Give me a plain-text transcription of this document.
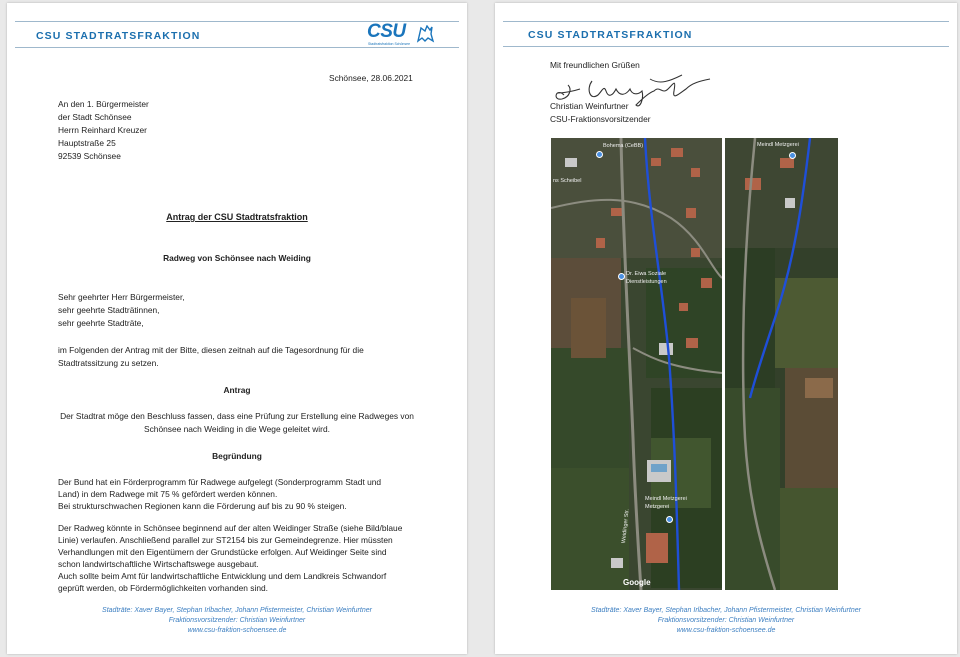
CSU STADTRATSFRAKTION	CSU
Stadtratsfraktion Schönsee
Schönsee, 28.06.2021
An den 1. Bürgermeister
der Stadt Schönsee
Herrn Reinhard Kreuzer
Hauptstraße 25
92539 Schönsee
Antrag der CSU Stadtratsfraktion
Radweg von Schönsee nach Weiding
Sehr geehrter Herr Bürgermeister,
sehr geehrte Stadträtinnen,
sehr geehrte Stadträte,
im Folgenden der Antrag mit der Bitte, diesen zeitnah auf die Tagesordnung für die
Stadtratssitzung zu setzen.
Antrag
Der Stadtrat möge den Beschluss fassen, dass eine Prüfung zur Erstellung eine Radweges von
Schönsee nach Weiding in die Wege geleitet wird.
Begründung
Der Bund hat ein Förderprogramm für Radwege aufgelegt (Sonderprogramm Stadt und
Land) in dem Radwege mit 75 % gefördert werden können.
Bei strukturschwachen Regionen kann die Förderung auf bis zu 90 % steigen.
Der Radweg könnte in Schönsee beginnend auf der alten Weidinger Straße (siehe Bild/blaue
Linie) verlaufen. Anschließend parallel zur ST2154 bis zur Gemeindegrenze. Hier müssten
Verhandlungen mit den Eigentümern der Grundstücke erfolgen. Auf Weidinger Seite sind
schon landwirtschaftliche Wirtschaftswege ausgebaut.
Auch sollte beim Amt für landwirtschaftliche Entwicklung und dem Landkreis Schwandorf
geprüft werden, ob Fördermöglichkeiten vorhanden sind.
Stadträte: Xaver Bayer, Stephan Irlbacher, Johann Pfistermeister, Christian Weinfurtner
Fraktionsvorsitzender: Christian Weinfurtner
www.csu-fraktion-schoensee.de
CSU STADTRATSFRAKTION
Mit freundlichen Grüßen
Christian Weinfurtner
CSU-Fraktionsvorsitzender
Bohema (CeBB)
ns Scheibel
Dr. Eiwa Soziale
Dienstleistungen
Meindl Metzgerei
Metzgerei
Weidinger Str.
Google
Meindl Metzgerei
Stadträte: Xaver Bayer, Stephan Irlbacher, Johann Pfistermeister, Christian Weinfurtner
Fraktionsvorsitzender: Christian Weinfurtner
www.csu-fraktion-schoensee.de
